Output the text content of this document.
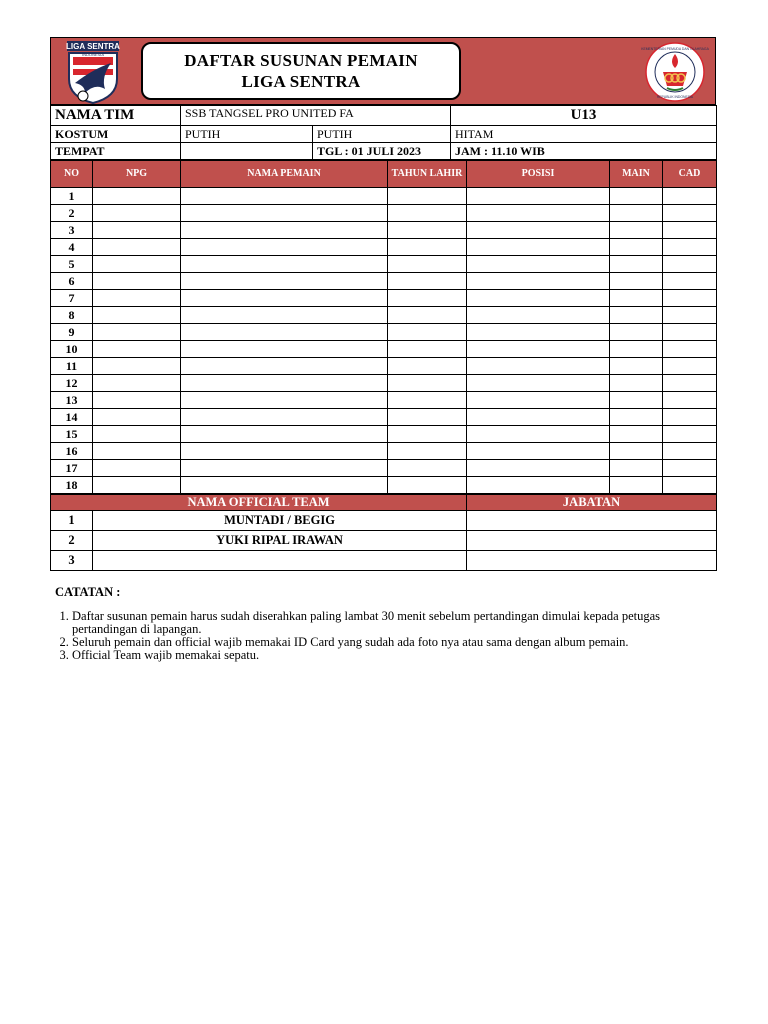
LIGA SENTRA
INDONESIA	DAFTAR SUSUNAN PEMAIN
LIGA SENTRA
KEMENTERIAN PEMUDA DAN OLAHRAGA
REPUBLIK INDONESIA
NAMA TIM	SSB TANGSEL PRO UNITED FA		U13
KOSTUM	PUTIH	PUTIH	HITAM
TEMPAT		TGL : 01 JULI 2023	JAM : 11.10 WIB
NO	NPG	NAMA PEMAIN	TAHUN LAHIR	POSISI	MAIN	CAD
1						
2						
3						
4						
5						
6						
7						
8						
9						
10						
11						
12						
13						
14						
15						
16						
17						
18						
NAMA OFFICIAL TEAM		JABATAN
1	MUNTADI / BEGIG	
2	YUKI RIPAL IRAWAN	
3		
CATATAN :
1. Daftar susunan pemain harus sudah diserahkan paling lambat 30 menit sebelum pertandingan dimulai kepada petugas pertandingan di lapangan.
2. Seluruh pemain dan official wajib memakai ID Card yang sudah ada foto nya atau sama dengan album pemain.
3. Official Team wajib memakai sepatu.
